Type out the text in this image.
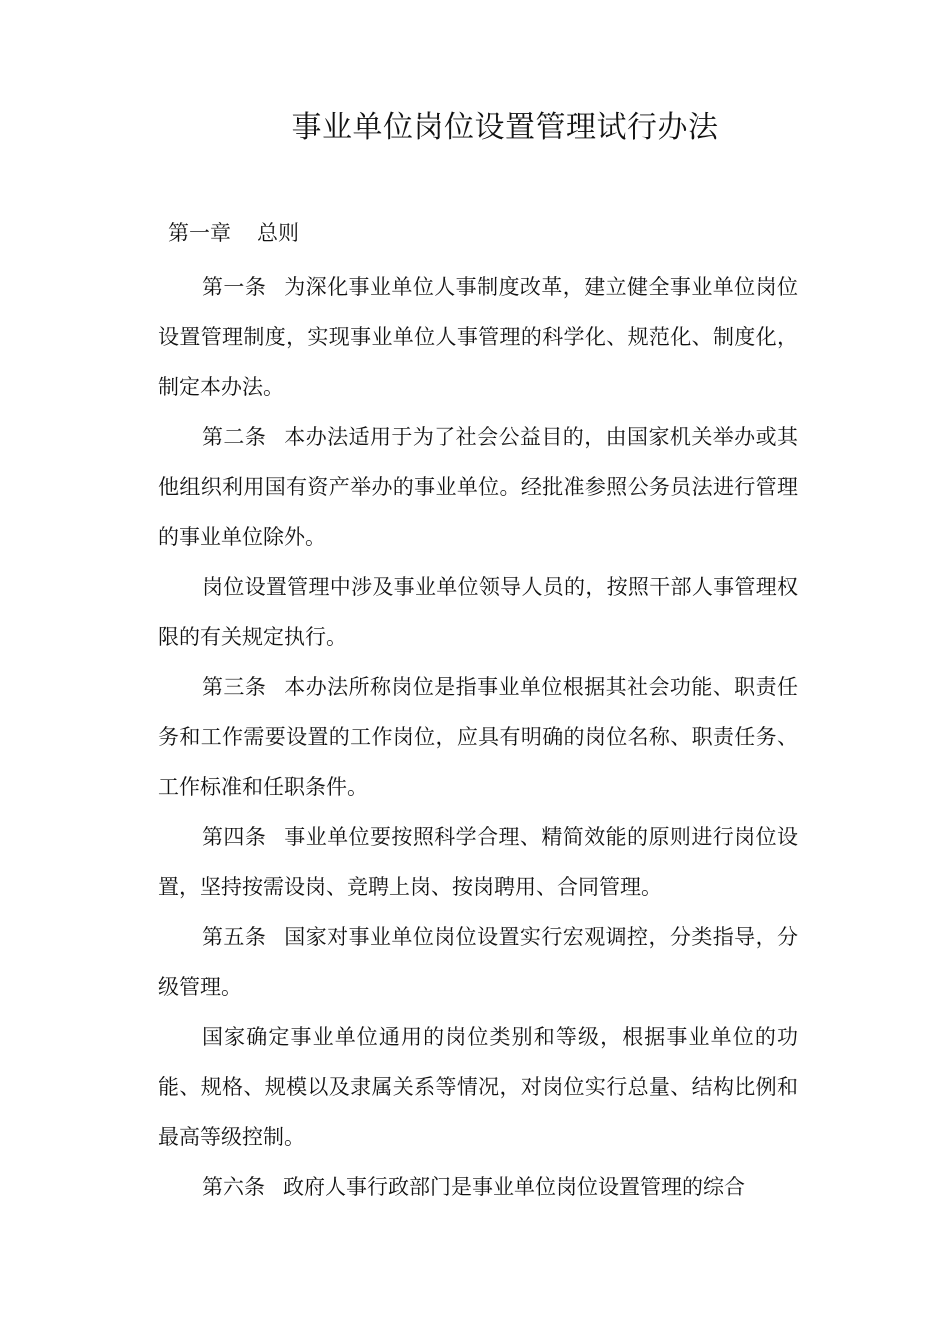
事业单位岗位设置管理试行办法
第一章 总则

第一条 为深化事业单位人事制度改革，建立健全事业单位岗位设置管理制度，实现事业单位人事管理的科学化、规范化、制度化，制定本办法。

第二条 本办法适用于为了社会公益目的，由国家机关举办或其他组织利用国有资产举办的事业单位。经批准参照公务员法进行管理的事业单位除外。

岗位设置管理中涉及事业单位领导人员的，按照干部人事管理权限的有关规定执行。

第三条 本办法所称岗位是指事业单位根据其社会功能、职责任务和工作需要设置的工作岗位，应具有明确的岗位名称、职责任务、工作标准和任职条件。

第四条 事业单位要按照科学合理、精简效能的原则进行岗位设置，坚持按需设岗、竞聘上岗、按岗聘用、合同管理。

第五条 国家对事业单位岗位设置实行宏观调控，分类指导，分级管理。

国家确定事业单位通用的岗位类别和等级，根据事业单位的功能、规格、规模以及隶属关系等情况，对岗位实行总量、结构比例和最高等级控制。

第六条 政府人事行政部门是事业单位岗位设置管理的综合
